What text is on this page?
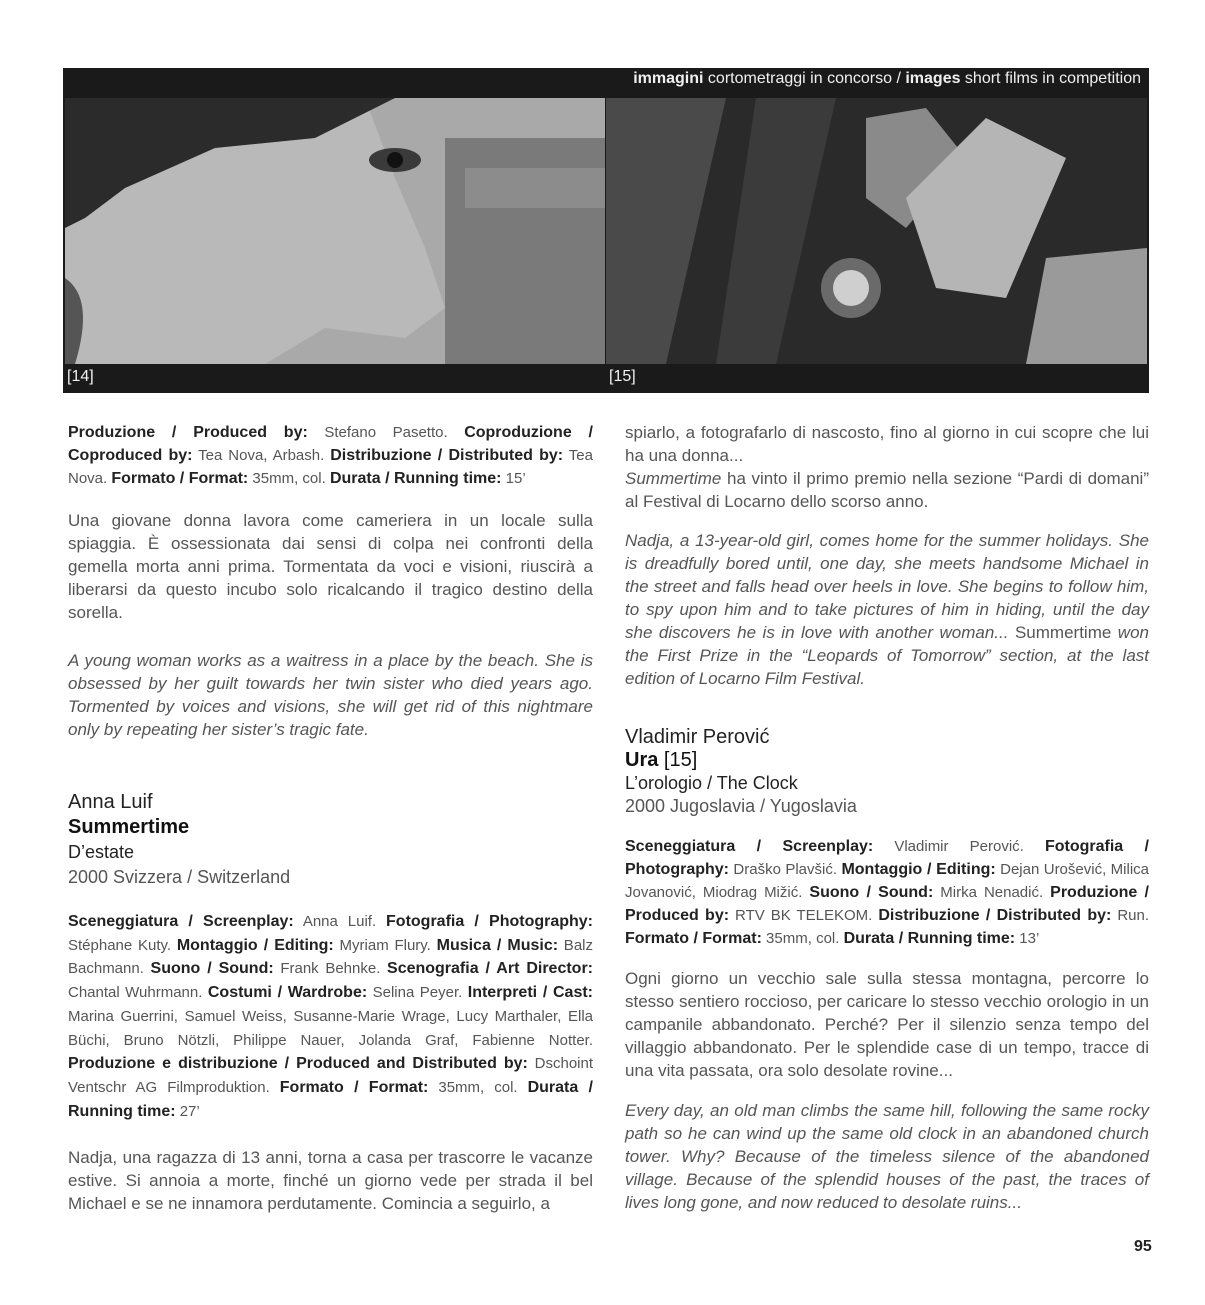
immagini cortometraggi in concorso / images short films in competition
[14]	[15]
Produzione / Produced by: Stefano Pasetto. Coproduzione / Coproduced by: Tea Nova, Arbash. Distribuzione / Distributed by: Tea Nova. Formato / Format: 35mm, col. Durata / Running time: 15’
Una giovane donna lavora come cameriera in un locale sulla spiaggia. È ossessionata dai sensi di colpa nei confronti della gemella morta anni prima. Tormentata da voci e visioni, riuscirà a liberarsi da questo incubo solo ricalcando il tragico destino della sorella.
A young woman works as a waitress in a place by the beach. She is obsessed by her guilt towards her twin sister who died years ago. Tormented by voices and visions, she will get rid of this nightmare only by repeating her sister’s tragic fate.
Anna Luif
Summertime
D’estate
2000 Svizzera / Switzerland
Sceneggiatura / Screenplay: Anna Luif. Fotografia / Photography: Stéphane Kuty. Montaggio / Editing: Myriam Flury. Musica / Music: Balz Bachmann. Suono / Sound: Frank Behnke. Scenografia / Art Director: Chantal Wuhrmann. Costumi / Wardrobe: Selina Peyer. Interpreti / Cast: Marina Guerrini, Samuel Weiss, Susanne-Marie Wrage, Lucy Marthaler, Ella Büchi, Bruno Nötzli, Philippe Nauer, Jolanda Graf, Fabienne Notter. Produzione e distribuzione / Produced and Distributed by: Dschoint Ventschr AG Filmproduktion. Formato / Format: 35mm, col. Durata / Running time: 27’
Nadja, una ragazza di 13 anni, torna a casa per trascorre le vacanze estive. Si annoia a morte, finché un giorno vede per strada il bel Michael e se ne innamora perdutamente. Comincia a seguirlo, a

spiarlo, a fotografarlo di nascosto, fino al giorno in cui scopre che lui ha una donna...

Summertime ha vinto il primo premio nella sezione “Pardi di domani” al Festival di Locarno dello scorso anno.

Nadja, a 13-year-old girl, comes home for the summer holidays. She is dreadfully bored until, one day, she meets handsome Michael in the street and falls head over heels in love. She begins to follow him, to spy upon him and to take pictures of him in hiding, until the day she discovers he is in love with another woman... Summertime won the First Prize in the “Leopards of Tomorrow” section, at the last edition of Locarno Film Festival.
Vladimir Perović
Ura [15]
L’orologio / The Clock
2000 Jugoslavia / Yugoslavia
Sceneggiatura / Screenplay: Vladimir Perović. Fotografia / Photography: Draško Plavšić. Montaggio / Editing: Dejan Urošević, Milica Jovanović, Miodrag Mižić. Suono / Sound: Mirka Nenadić. Produzione / Produced by: RTV BK TELEKOM. Distribuzione / Distributed by: Run. Formato / Format: 35mm, col. Durata / Running time: 13’
Ogni giorno un vecchio sale sulla stessa montagna, percorre lo stesso sentiero roccioso, per caricare lo stesso vecchio orologio in un campanile abbandonato. Perché? Per il silenzio senza tempo del villaggio abbandonato. Per le splendide case di un tempo, tracce di una vita passata, ora solo desolate rovine...
Every day, an old man climbs the same hill, following the same rocky path so he can wind up the same old clock in an abandoned church tower. Why? Because of the timeless silence of the abandoned village. Because of the splendid houses of the past, the traces of lives long gone, and now reduced to desolate ruins...
95
